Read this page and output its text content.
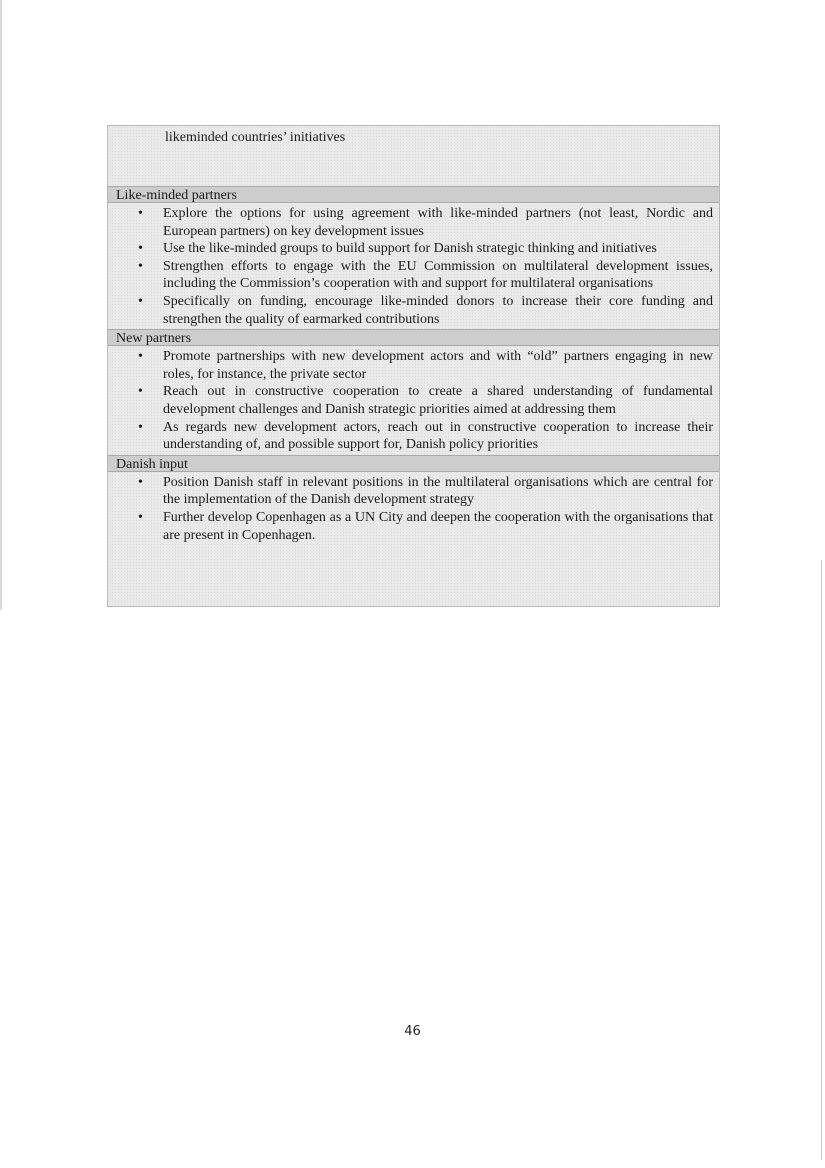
likeminded countries’ initiatives
Like-minded partners
• Explore the options for using agreement with like-minded partners (not least, Nordic and European partners) on key development issues
• Use the like-minded groups to build support for Danish strategic thinking and initiatives
• Strengthen efforts to engage with the EU Commission on multilateral development issues, including the Commission’s cooperation with and support for multilateral organisations
• Specifically on funding, encourage like-minded donors to increase their core funding and strengthen the quality of earmarked contributions
New partners
• Promote partnerships with new development actors and with “old” partners engaging in new roles, for instance, the private sector
• Reach out in constructive cooperation to create a shared understanding of fundamental development challenges and Danish strategic priorities aimed at addressing them
• As regards new development actors, reach out in constructive cooperation to increase their understanding of, and possible support for, Danish policy priorities
Danish input
• Position Danish staff in relevant positions in the multilateral organisations which are central for the implementation of the Danish development strategy
• Further develop Copenhagen as a UN City and deepen the cooperation with the organisations that are present in Copenhagen.
46
